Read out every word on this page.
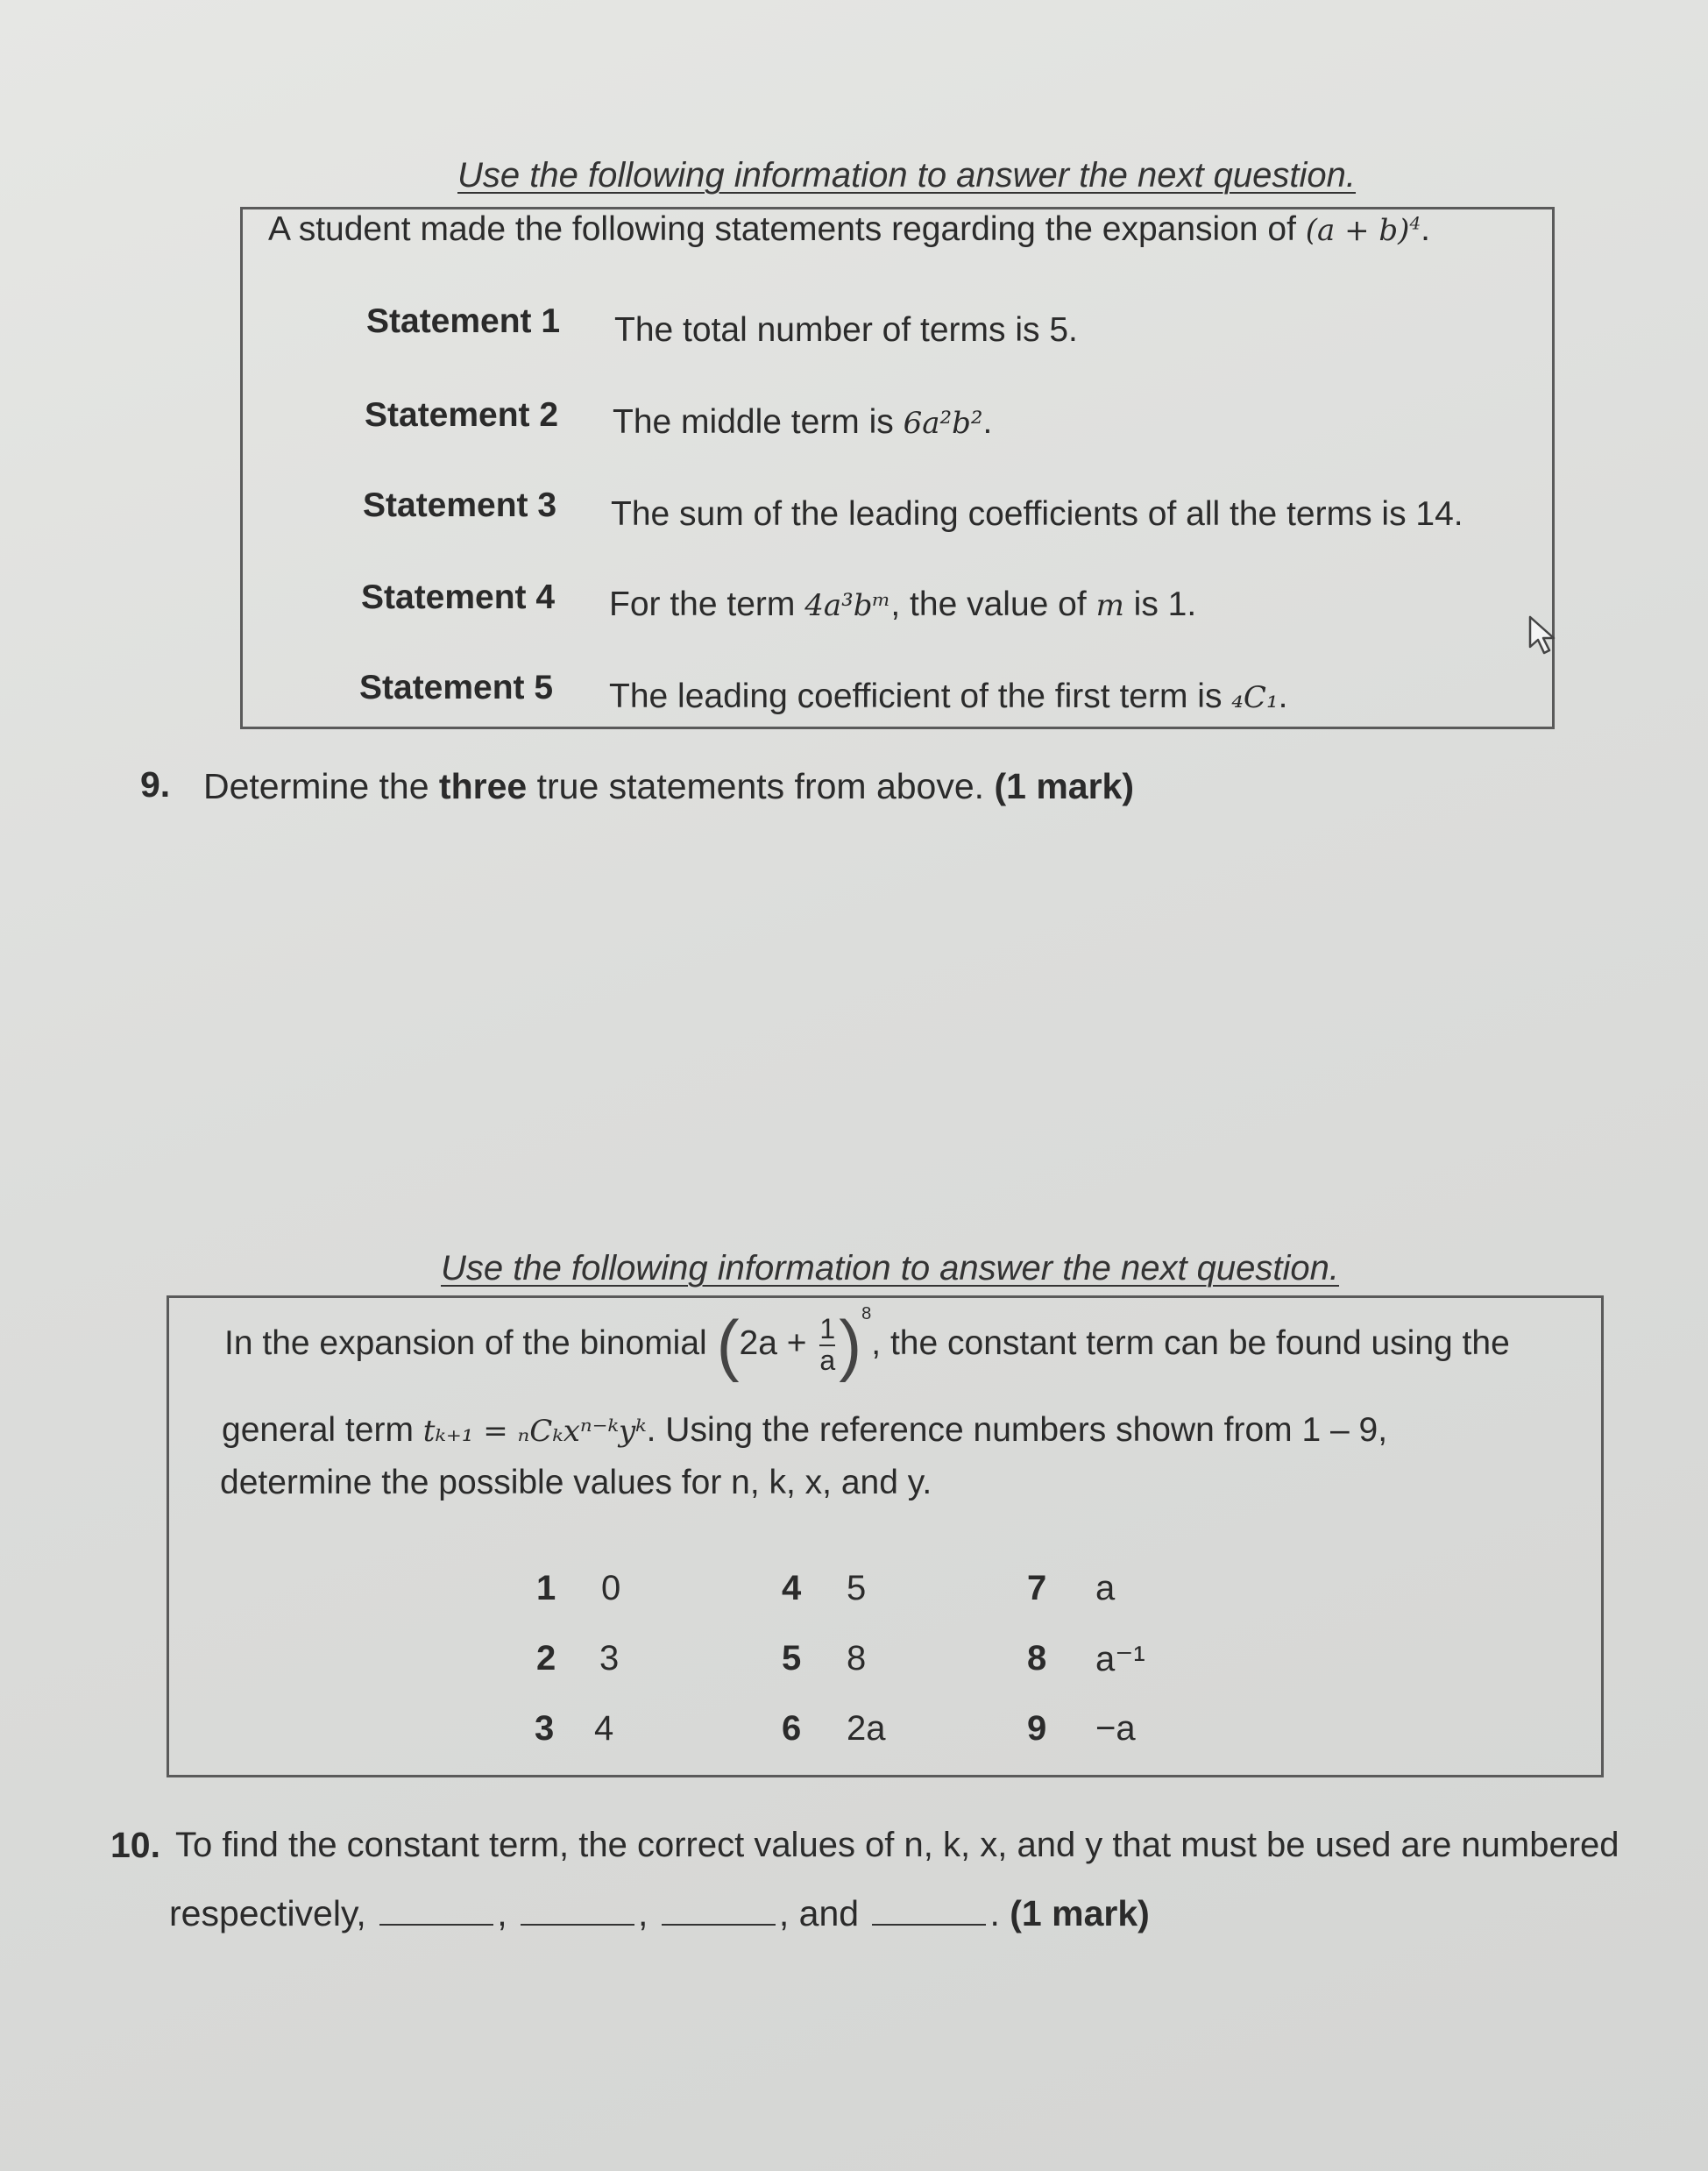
Use the following information to answer the next question.
A student made the following statements regarding the expansion of $(a + b)^4$.
Statement 1 The total number of terms is 5.
Statement 2 The middle term is 6a²b².
Statement 3 The sum of the leading coefficients of all the terms is 14.
Statement 4 For the term 4a³bᵐ, the value of m is 1.
Statement 5 The leading coefficient of the first term is ₄C₁.
9. Determine the three true statements from above. (1 mark)
Use the following information to answer the next question.
In the expansion of the binomial $(2a + \frac{1}{a} )^8$, the constant term can be found using the
general term tₖ₊₁ = ₙCₖxⁿ⁻ᵏyᵏ. Using the reference numbers shown from 1 – 9,
determine the possible values for n, k, x, and y.
1 0
2 3
3 4
4 5
5 8
6 2a
7 a
8 a⁻¹
9 −a
10. To find the constant term, the correct values of n, k, x, and y that must be used are numbered
respectively,	,	,	, and	. (1 mark)
